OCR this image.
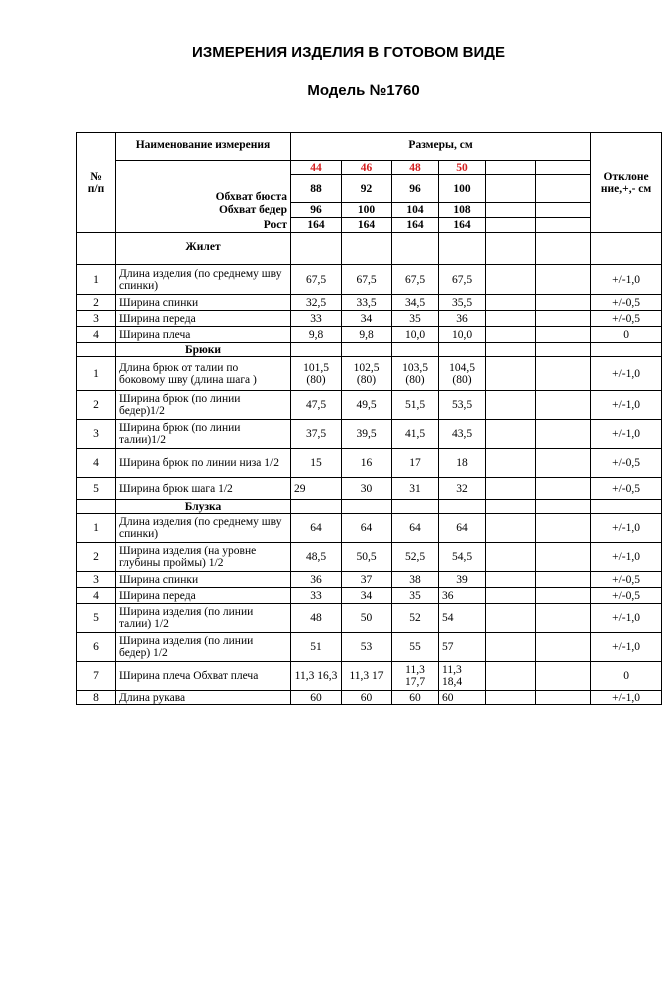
ИЗМЕРЕНИЯ ИЗДЕЛИЯ В ГОТОВОМ ВИДЕ
Модель №1760
№ п/п	Наименование измерения	Размеры, см						Отклоне ние,+,- см
	Обхват бюста	44	46	48	50			
		88	92	96	100			
	Обхват бедер	96	100	104	108			
	Рост	164	164	164	164			
	Жилет							
1	Длина изделия (по среднему шву спинки)	67,5	67,5	67,5	67,5			+/-1,0
2	Ширина спинки	32,5	33,5	34,5	35,5			+/-0,5
3	Ширина переда	33	34	35	36			+/-0,5
4	Ширина плеча	9,8	9,8	10,0	10,0			0
	Брюки							
1	Длина брюк от талии по боковому шву (длина шага )	101,5 (80)	102,5 (80)	103,5 (80)	104,5 (80)			+/-1,0
2	Ширина брюк (по линии бедер)1/2	47,5	49,5	51,5	53,5			+/-1,0
3	Ширина брюк (по линии талии)1/2	37,5	39,5	41,5	43,5			+/-1,0
4	Ширина брюк по линии низа 1/2	15	16	17	18			+/-0,5
5	Ширина брюк шага 1/2	29	30	31	32			+/-0,5
	Блузка							
1	Длина изделия (по среднему шву спинки)	64	64	64	64			+/-1,0
2	Ширина изделия (на уровне глубины проймы) 1/2	48,5	50,5	52,5	54,5			+/-1,0
3	Ширина спинки	36	37	38	39			+/-0,5
4	Ширина переда	33	34	35	36			+/-0,5
5	Ширина изделия (по линии талии) 1/2	48	50	52	54			+/-1,0
6	Ширина изделия (по линии бедер) 1/2	51	53	55	57			+/-1,0
7	Ширина плеча Обхват плеча	11,3 16,3	11,3 17	11,3 17,7	11,3 18,4			0
8	Длина рукава	60	60	60	60			+/-1,0
